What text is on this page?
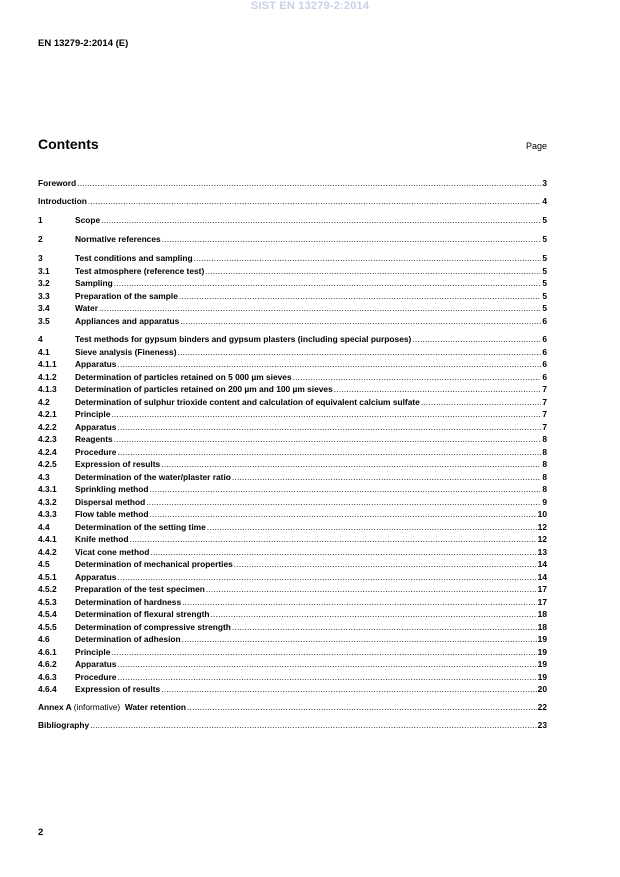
SIST EN 13279-2:2014
EN 13279-2:2014 (E)
Contents	Page
Foreword .....	3
Introduction .....	4
1	Scope .....	5
2	Normative references .....	5
3	Test conditions and sampling .....	5
3.1	Test atmosphere (reference test) .....	5
3.2	Sampling .....	5
3.3	Preparation of the sample .....	5
3.4	Water .....	5
3.5	Appliances and apparatus .....	6
4	Test methods for gypsum binders and gypsum plasters (including special purposes) .....	6
4.1	Sieve analysis (Fineness) .....	6
4.1.1	Apparatus .....	6
4.1.2	Determination of particles retained on 5 000 µm sieves .....	6
4.1.3	Determination of particles retained on 200 µm and 100 µm sieves .....	7
4.2	Determination of sulphur trioxide content and calculation of equivalent calcium sulfate .....	7
4.2.1	Principle .....	7
4.2.2	Apparatus .....	7
4.2.3	Reagents .....	8
4.2.4	Procedure .....	8
4.2.5	Expression of results .....	8
4.3	Determination of the water/plaster ratio .....	8
4.3.1	Sprinkling method .....	8
4.3.2	Dispersal method .....	9
4.3.3	Flow table method .....	10
4.4	Determination of the setting time .....	12
4.4.1	Knife method .....	12
4.4.2	Vicat cone method .....	13
4.5	Determination of mechanical properties .....	14
4.5.1	Apparatus .....	14
4.5.2	Preparation of the test specimen .....	17
4.5.3	Determination of hardness .....	17
4.5.4	Determination of flexural strength .....	18
4.5.5	Determination of compressive strength .....	18
4.6	Determination of adhesion .....	19
4.6.1	Principle .....	19
4.6.2	Apparatus .....	19
4.6.3	Procedure .....	19
4.6.4	Expression of results .....	20
Annex A (informative) Water retention .....	22
Bibliography .....	23
2
